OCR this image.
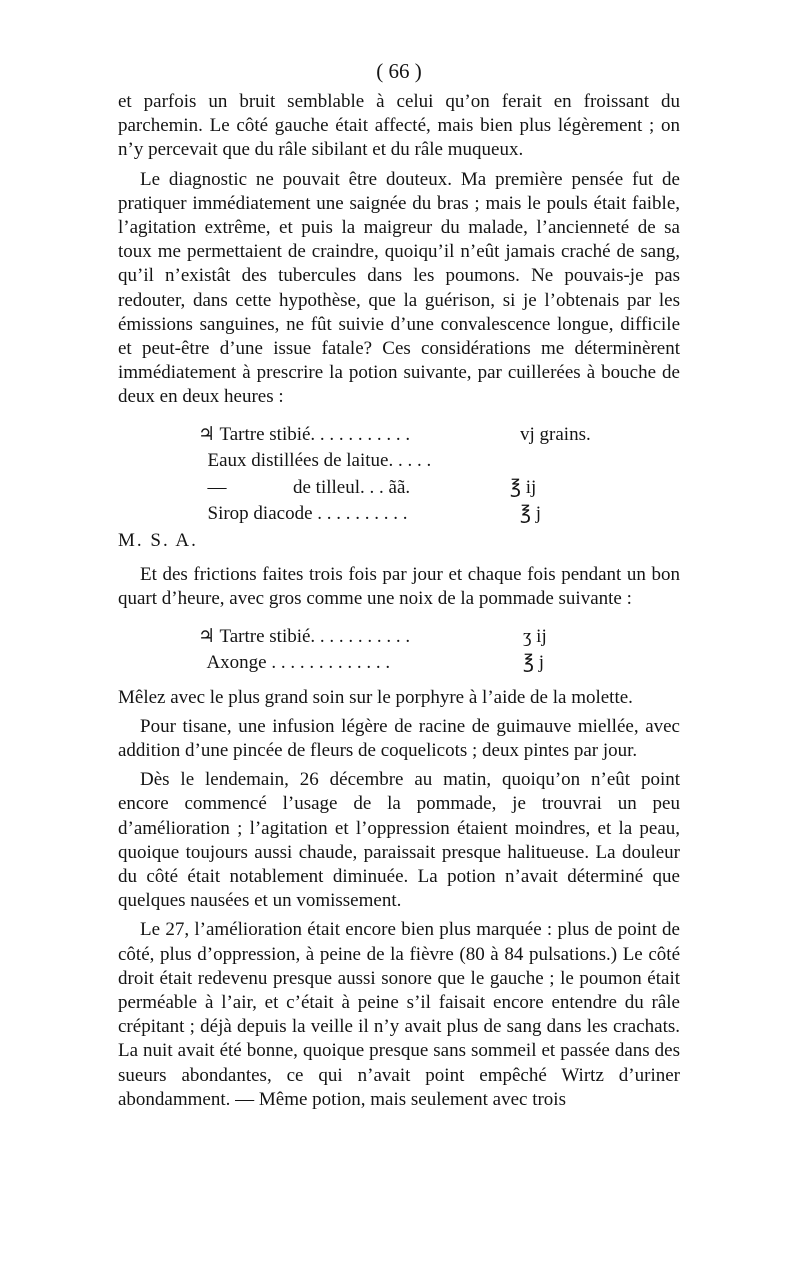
( 66 )

et parfois un bruit semblable à celui qu’on ferait en froissant du parchemin. Le côté gauche était affecté, mais bien plus légèrement ; on n’y percevait que du râle sibilant et du râle muqueux.

Le diagnostic ne pouvait être douteux. Ma première pensée fut de pratiquer immédiatement une saignée du bras ; mais le pouls était faible, l’agitation extrême, et puis la maigreur du malade, l’ancienneté de sa toux me permettaient de craindre, quoiqu’il n’eût jamais craché de sang, qu’il n’existât des tubercules dans les poumons. Ne pouvais-je pas redouter, dans cette hypothèse, que la guérison, si je l’obtenais par les émissions sanguines, ne fût suivie d’une convalescence longue, difficile et peut-être d’une issue fatale? Ces considérations me déterminèrent immédiatement à prescrire la potion suivante, par cuillerées à bouche de deux en deux heures :

♃ Tartre stibié. . . . . . . . . . .	vj grains.
Eaux distillées de laitue. . . . .
—              de tilleul. . . ãã.	℥ ij
Sirop diacode . . . . . . . . . .	℥ j
M. S. A.

Et des frictions faites trois fois par jour et chaque fois pendant un bon quart d’heure, avec gros comme une noix de la pommade suivante :

♃ Tartre stibié. . . . . . . . . . .	ʒ ij
Axonge . . . . . . . . . . . . .	℥ j

Mêlez avec le plus grand soin sur le porphyre à l’aide de la molette.

Pour tisane, une infusion légère de racine de guimauve miellée, avec addition d’une pincée de fleurs de coquelicots ; deux pintes par jour.

Dès le lendemain, 26 décembre au matin, quoiqu’on n’eût point encore commencé l’usage de la pommade, je trouvrai un peu d’amélioration ; l’agitation et l’oppression étaient moindres, et la peau, quoique toujours aussi chaude, paraissait presque halitueuse. La douleur du côté était notablement diminuée. La potion n’avait déterminé que quelques nausées et un vomissement.

Le 27, l’amélioration était encore bien plus marquée : plus de point de côté, plus d’oppression, à peine de la fièvre (80 à 84 pulsations.) Le côté droit était redevenu presque aussi sonore que le gauche ; le poumon était perméable à l’air, et c’était à peine s’il faisait encore entendre du râle crépitant ; déjà depuis la veille il n’y avait plus de sang dans les crachats. La nuit avait été bonne, quoique presque sans sommeil et passée dans des sueurs abondantes, ce qui n’avait point empêché Wirtz d’uriner abondamment. — Même potion, mais seulement avec trois
